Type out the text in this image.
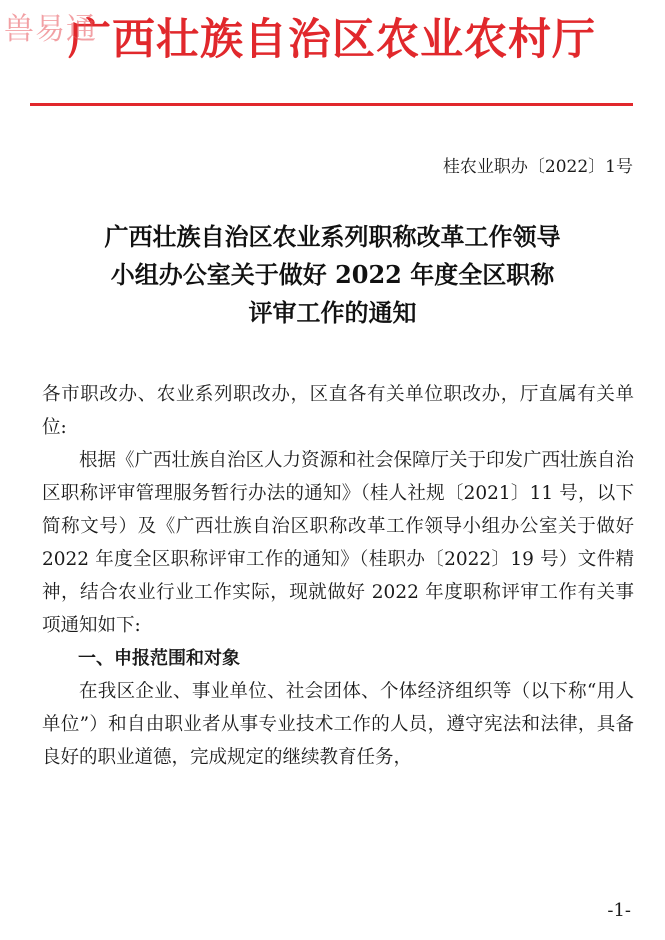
兽易通
广西壮族自治区农业农村厅
桂农业职办〔2022〕1号
广西壮族自治区农业系列职称改革工作领导
小组办公室关于做好 2022 年度全区职称
评审工作的通知

各市职改办、农业系列职改办，区直各有关单位职改办，厅直属有关单位:

根据《广西壮族自治区人力资源和社会保障厅关于印发广西壮族自治区职称评审管理服务暂行办法的通知》（桂人社规〔2021〕11 号，以下简称文号）及《广西壮族自治区职称改革工作领导小组办公室关于做好 2022 年度全区职称评审工作的通知》（桂职办〔2022〕19 号）文件精神，结合农业行业工作实际，现就做好 2022 年度职称评审工作有关事项通知如下:

一、申报范围和对象

在我区企业、事业单位、社会团体、个体经济组织等（以下称“用人单位”）和自由职业者从事专业技术工作的人员，遵守宪法和法律，具备良好的职业道德，完成规定的继续教育任务，

-1-
